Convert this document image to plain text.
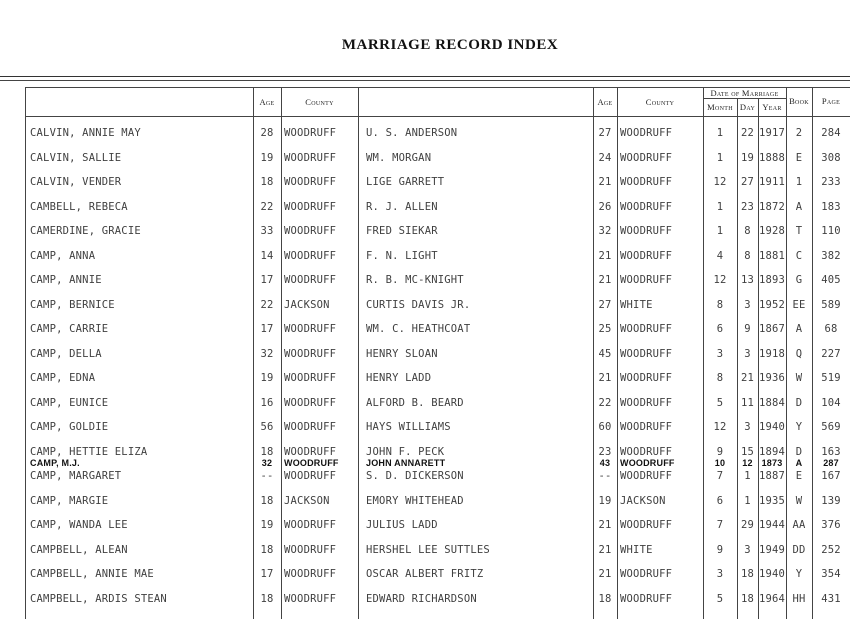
MARRIAGE RECORD INDEX
Age	County	Age	County
Date of Marriage
Month Day Year
Book	Page
CALVIN, ANNIE MAY	28 WOODRUFF	U. S. ANDERSON	27 WOODRUFF	1	22 1917	2	284
CALVIN, SALLIE	19 WOODRUFF	WM. MORGAN	24 WOODRUFF	1	19 1888	E	308
CALVIN, VENDER	18 WOODRUFF	LIGE GARRETT	21 WOODRUFF	12	27 1911	1	233
CAMBELL, REBECA	22 WOODRUFF	R. J. ALLEN	26 WOODRUFF	1	23 1872	A	183
CAMERDINE, GRACIE	33 WOODRUFF	FRED SIEKAR	32 WOODRUFF	1	8 1928	T	110
CAMP, ANNA	14 WOODRUFF	F. N. LIGHT	21 WOODRUFF	4	8 1881	C	382
CAMP, ANNIE	17 WOODRUFF	R. B. MC-KNIGHT	21 WOODRUFF	12	13 1893	G	405
CAMP, BERNICE	22 JACKSON	CURTIS DAVIS JR.	27 WHITE	8	3 1952 EE	589
CAMP, CARRIE	17 WOODRUFF	WM. C. HEATHCOAT	25 WOODRUFF	6	9 1867	A	68
CAMP, DELLA	32 WOODRUFF	HENRY SLOAN	45 WOODRUFF	3	3 1918	Q	227
CAMP, EDNA	19 WOODRUFF	HENRY LADD	21 WOODRUFF	8	21 1936	W	519
CAMP, EUNICE	16 WOODRUFF	ALFORD B. BEARD	22 WOODRUFF	5	11 1884	D	104
CAMP, GOLDIE	56 WOODRUFF	HAYS WILLIAMS	60 WOODRUFF	12	3 1940	Y	569
CAMP, HETTIE ELIZA	18 WOODRUFF	JOHN F. PECK	23 WOODRUFF	9	15 1894	D	163
CAMP, M.J.	32	WOODRUFF	JOHN ANNARETT	43	WOODRUFF	10	12 1873	A	287
CAMP, MARGARET	-- WOODRUFF	S. D. DICKERSON	-- WOODRUFF	7	1 1887	E	167
CAMP, MARGIE	18 JACKSON	EMORY WHITEHEAD	19 JACKSON	6	1 1935	W	139
CAMP, WANDA LEE	19 WOODRUFF	JULIUS LADD	21 WOODRUFF	7	29 1944 AA	376
CAMPBELL, ALEAN	18 WOODRUFF	HERSHEL LEE SUTTLES	21 WHITE	9	3 1949 DD	252
CAMPBELL, ANNIE MAE	17 WOODRUFF	OSCAR ALBERT FRITZ	21 WOODRUFF	3	18 1940	Y	354
CAMPBELL, ARDIS STEAN	18 WOODRUFF	EDWARD RICHARDSON	18 WOODRUFF	5	18 1964 HH	431
